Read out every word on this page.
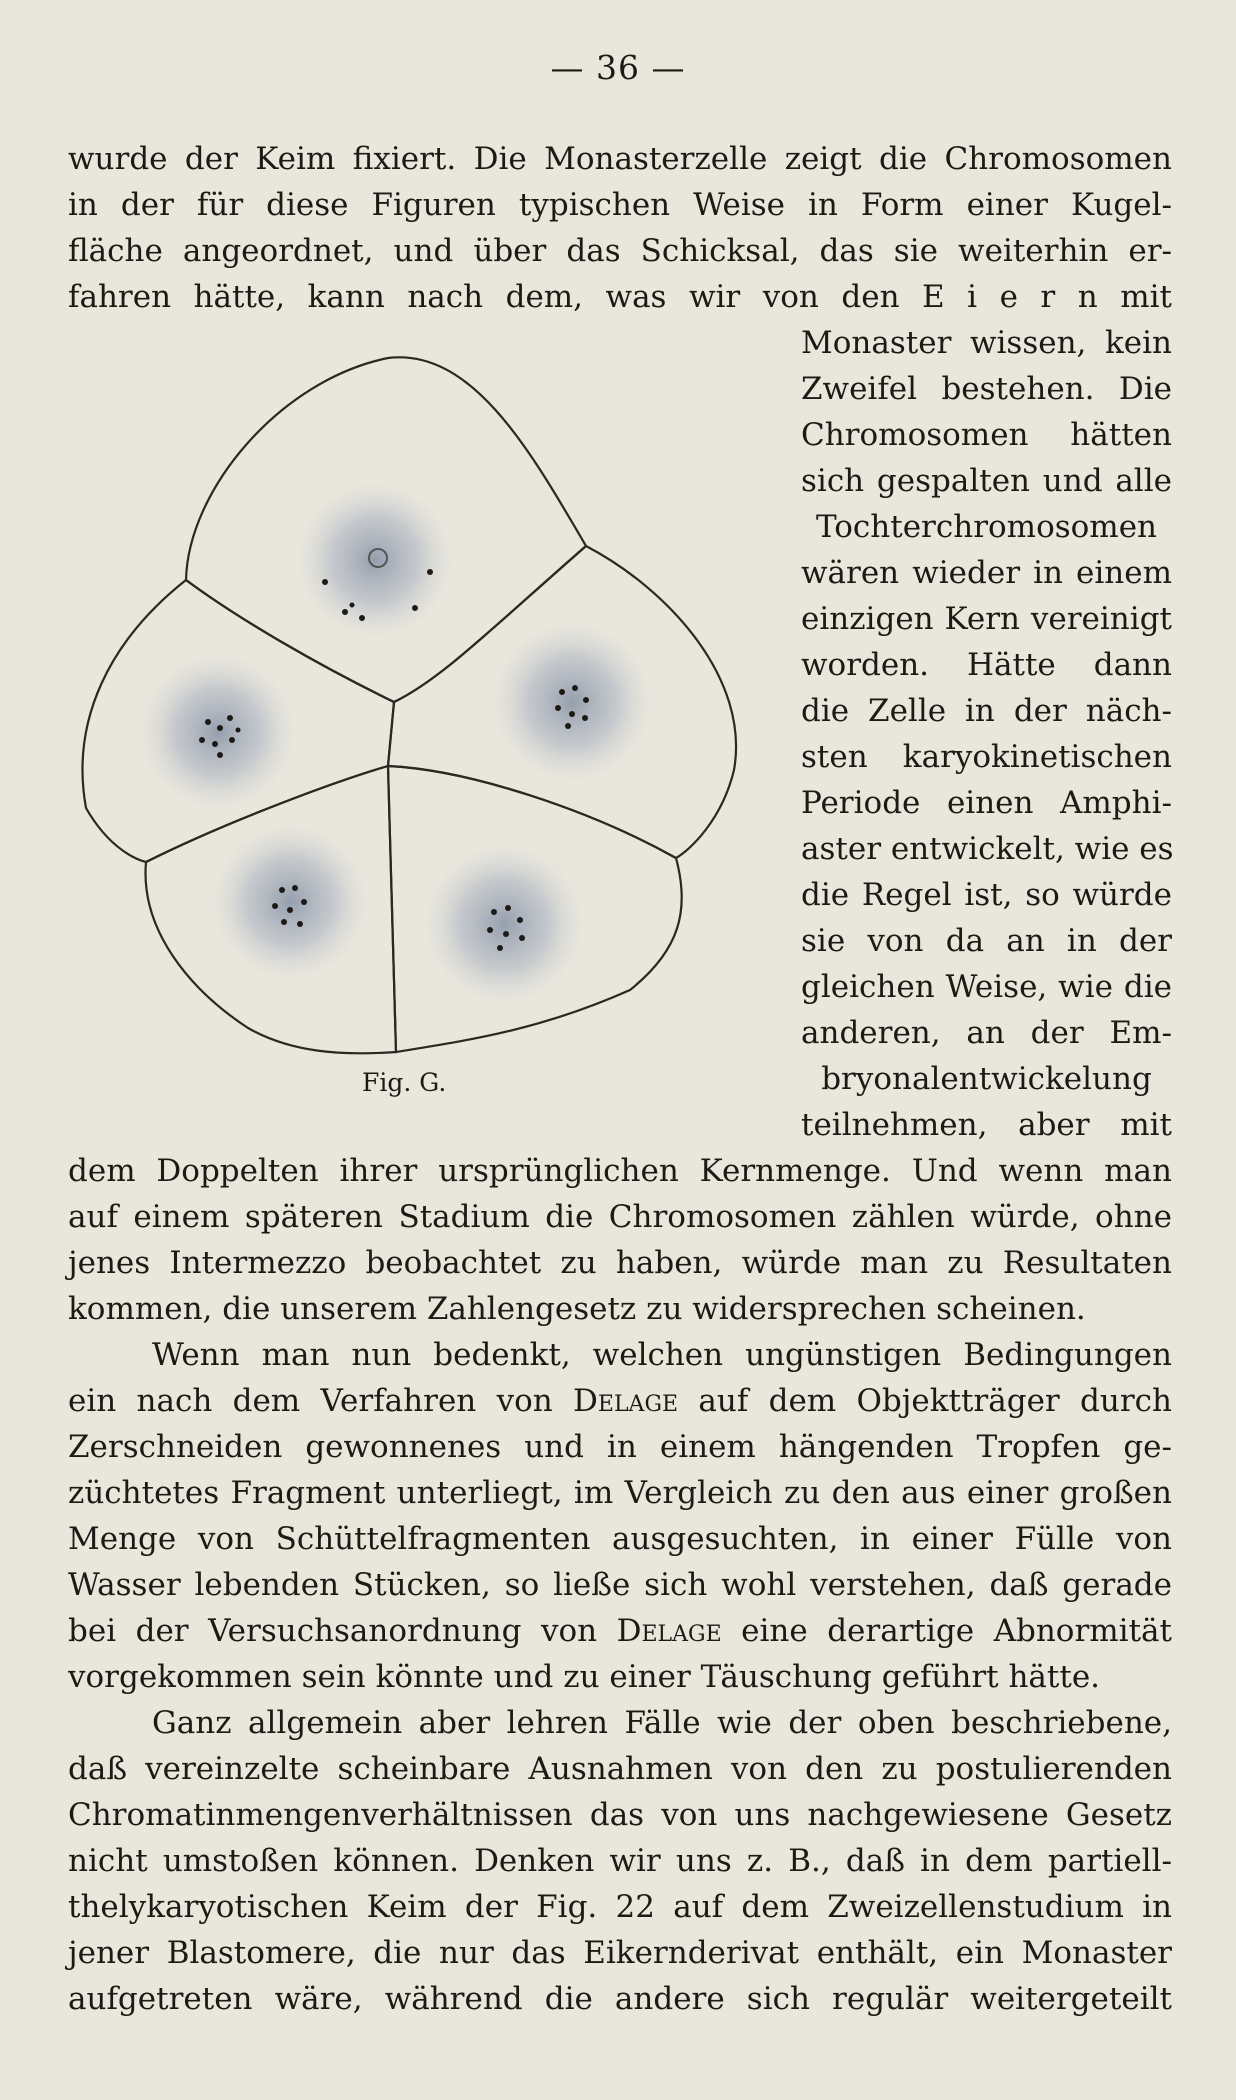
— 36 —
wurde der Keim fixiert. Die Monasterzelle zeigt die Chromosomen
in der für diese Figuren typischen Weise in Form einer Kugel-
fläche angeordnet, und über das Schicksal, das sie weiterhin er-
fahren hätte, kann nach dem, was wir von den E i e r n mit
Monaster wissen, kein
Zweifel bestehen. Die
Chromosomen hätten
sich gespalten und alle
Tochterchromosomen
wären wieder in einem
einzigen Kern vereinigt
worden. Hätte dann
die Zelle in der näch-
sten karyokinetischen
Periode einen Amphi-
aster entwickelt, wie es
die Regel ist, so würde
sie von da an in der
gleichen Weise, wie die
anderen, an der Em-
bryonalentwickelung
teilnehmen, aber mit
Fig. G.
dem Doppelten ihrer ursprünglichen Kernmenge. Und wenn man
auf einem späteren Stadium die Chromosomen zählen würde, ohne
jenes Intermezzo beobachtet zu haben, würde man zu Resultaten
kommen, die unserem Zahlengesetz zu widersprechen scheinen.
Wenn man nun bedenkt, welchen ungünstigen Bedingungen
ein nach dem Verfahren von Delage auf dem Objektträger durch
Zerschneiden gewonnenes und in einem hängenden Tropfen ge-
züchtetes Fragment unterliegt, im Vergleich zu den aus einer großen
Menge von Schüttelfragmenten ausgesuchten, in einer Fülle von
Wasser lebenden Stücken, so ließe sich wohl verstehen, daß gerade
bei der Versuchsanordnung von Delage eine derartige Abnormität
vorgekommen sein könnte und zu einer Täuschung geführt hätte.
Ganz allgemein aber lehren Fälle wie der oben beschriebene,
daß vereinzelte scheinbare Ausnahmen von den zu postulierenden
Chromatinmengenverhältnissen das von uns nachgewiesene Gesetz
nicht umstoßen können. Denken wir uns z. B., daß in dem partiell-
thelykaryotischen Keim der Fig. 22 auf dem Zweizellenstudium in
jener Blastomere, die nur das Eikernderivat enthält, ein Monaster
aufgetreten wäre, während die andere sich regulär weitergeteilt
